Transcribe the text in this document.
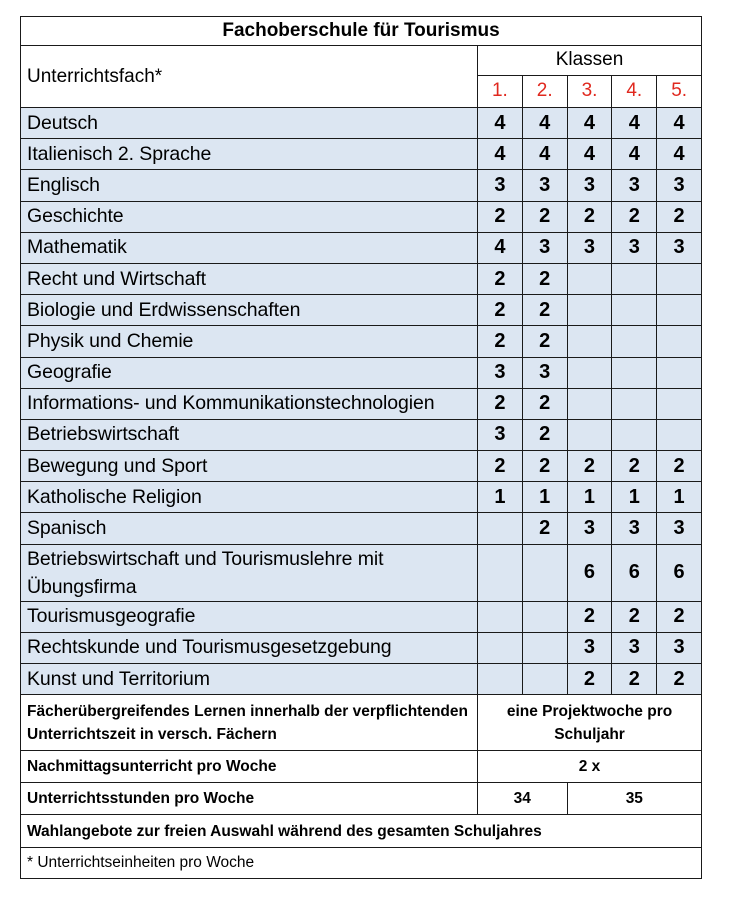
Fachoberschule für Tourismus					
Unterrichtsfach*	Klassen				
	1.	2.	3.	4.	5.
Deutsch	4	4	4	4	4
Italienisch 2. Sprache	4	4	4	4	4
Englisch	3	3	3	3	3
Geschichte	2	2	2	2	2
Mathematik	4	3	3	3	3
Recht und Wirtschaft	2	2			
Biologie und Erdwissenschaften	2	2			
Physik und Chemie	2	2			
Geografie	3	3			
Informations- und Kommunikationstechnologien	2	2			
Betriebswirtschaft	3	2			
Bewegung und Sport	2	2	2	2	2
Katholische Religion	1	1	1	1	1
Spanisch		2	3	3	3
Betriebswirtschaft und Tourismuslehre mit Übungsfirma			6	6	6
Tourismusgeografie			2	2	2
Rechtskunde und Tourismusgesetzgebung			3	3	3
Kunst und Territorium			2	2	2
Fächerübergreifendes Lernen innerhalb der verpflichtenden Unterrichtszeit in versch. Fächern	eine Projektwoche pro Schuljahr				
Nachmittagsunterricht pro Woche	2 x				
Unterrichtsstunden pro Woche	34		35		
Wahlangebote zur freien Auswahl während des gesamten Schuljahres					
* Unterrichtseinheiten pro Woche					
